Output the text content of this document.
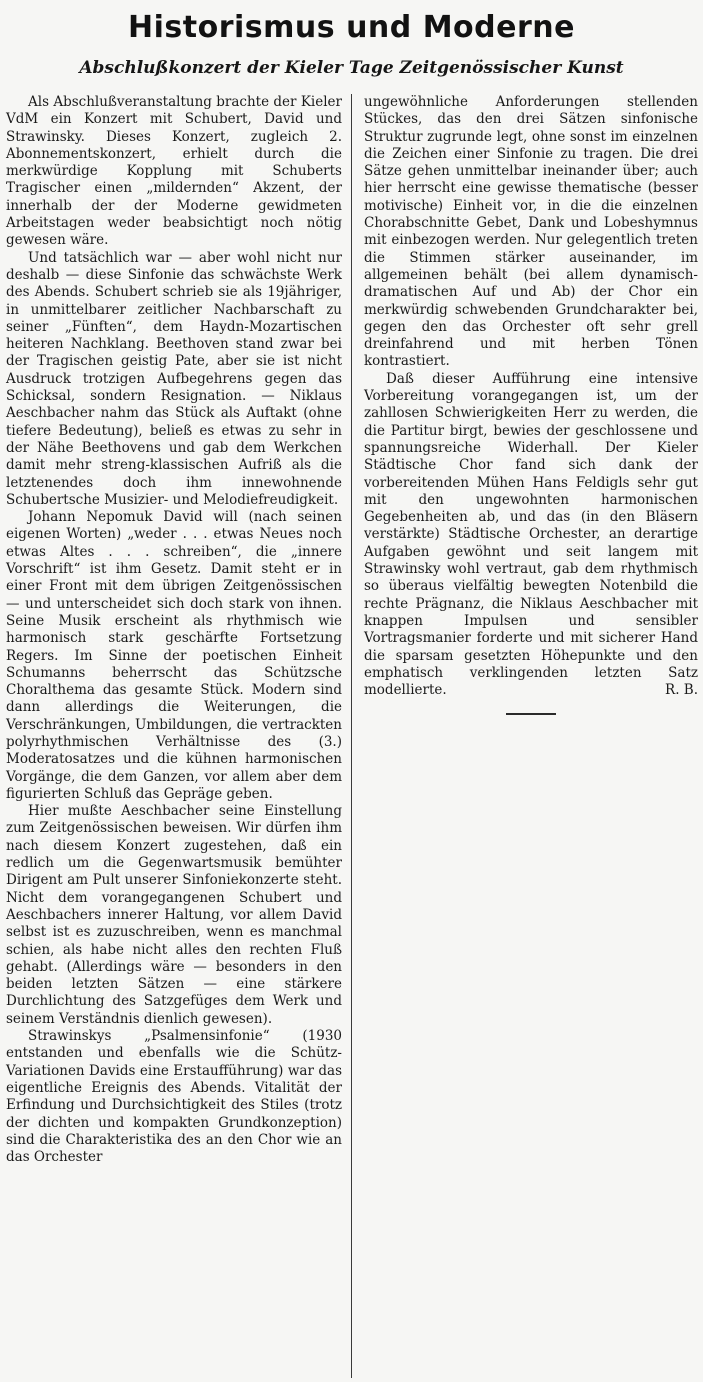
Historismus und Moderne
Abschlußkonzert der Kieler Tage Zeitgenössischer Kunst

Als Abschlußveranstaltung brachte der Kieler VdM ein Konzert mit Schubert, David und Strawinsky. Dieses Konzert, zugleich 2. Abonnementskonzert, erhielt durch die merkwürdige Kopplung mit Schuberts Tragischer einen „mildernden“ Akzent, der innerhalb der der Moderne gewidmeten Arbeitstagen weder beabsichtigt noch nötig gewesen wäre.

Und tatsächlich war — aber wohl nicht nur deshalb — diese Sinfonie das schwächste Werk des Abends. Schubert schrieb sie als 19jähriger, in unmittelbarer zeitlicher Nachbarschaft zu seiner „Fünften“, dem Haydn-Mozartischen heiteren Nachklang. Beethoven stand zwar bei der Tragischen geistig Pate, aber sie ist nicht Ausdruck trotzigen Aufbegehrens gegen das Schicksal, sondern Resignation. — Niklaus Aeschbacher nahm das Stück als Auftakt (ohne tiefere Bedeutung), beließ es etwas zu sehr in der Nähe Beethovens und gab dem Werkchen damit mehr streng-klassischen Aufriß als die letztenendes doch ihm innewohnende Schubertsche Musizier- und Melodiefreudigkeit.

Johann Nepomuk David will (nach seinen eigenen Worten) „weder . . . etwas Neues noch etwas Altes . . . schreiben“, die „innere Vorschrift“ ist ihm Gesetz. Damit steht er in einer Front mit dem übrigen Zeitgenössischen — und unterscheidet sich doch stark von ihnen. Seine Musik erscheint als rhythmisch wie harmonisch stark geschärfte Fortsetzung Regers. Im Sinne der poetischen Einheit Schumanns beherrscht das Schützsche Choralthema das gesamte Stück. Modern sind dann allerdings die Weiterungen, die Verschränkungen, Umbildungen, die vertrackten polyrhythmischen Verhältnisse des (3.) Moderatosatzes und die kühnen harmonischen Vorgänge, die dem Ganzen, vor allem aber dem figurierten Schluß das Gepräge geben.

Hier mußte Aeschbacher seine Einstellung zum Zeitgenössischen beweisen. Wir dürfen ihm nach diesem Konzert zugestehen, daß ein redlich um die Gegenwartsmusik bemühter Dirigent am Pult unserer Sinfoniekonzerte steht. Nicht dem vorangegangenen Schubert und Aeschbachers innerer Haltung, vor allem David selbst ist es zuzuschreiben, wenn es manchmal schien, als habe nicht alles den rechten Fluß gehabt. (Allerdings wäre — besonders in den beiden letzten Sätzen — eine stärkere Durchlichtung des Satzgefüges dem Werk und seinem Verständnis dienlich gewesen).

Strawinskys „Psalmensinfonie“ (1930 entstanden und ebenfalls wie die Schütz-Variationen Davids eine Erstaufführung) war das eigentliche Ereignis des Abends. Vitalität der Erfindung und Durchsichtigkeit des Stiles (trotz der dichten und kompakten Grundkonzeption) sind die Charakteristika des an den Chor wie an das Orchester

ungewöhnliche Anforderungen stellenden Stückes, das den drei Sätzen sinfonische Struktur zugrunde legt, ohne sonst im einzelnen die Zeichen einer Sinfonie zu tragen. Die drei Sätze gehen unmittelbar ineinander über; auch hier herrscht eine gewisse thematische (besser motivische) Einheit vor, in die die einzelnen Chorabschnitte Gebet, Dank und Lobeshymnus mit einbezogen werden. Nur gelegentlich treten die Stimmen stärker auseinander, im allgemeinen behält (bei allem dynamisch-dramatischen Auf und Ab) der Chor ein merkwürdig schwebenden Grundcharakter bei, gegen den das Orchester oft sehr grell dreinfahrend und mit herben Tönen kontrastiert.

Daß dieser Aufführung eine intensive Vorbereitung vorangegangen ist, um der zahllosen Schwierigkeiten Herr zu werden, die die Partitur birgt, bewies der geschlossene und spannungsreiche Widerhall. Der Kieler Städtische Chor fand sich dank der vorbereitenden Mühen Hans Feldigls sehr gut mit den ungewohnten harmonischen Gegebenheiten ab, und das (in den Bläsern verstärkte) Städtische Orchester, an derartige Aufgaben gewöhnt und seit langem mit Strawinsky wohl vertraut, gab dem rhythmisch so überaus vielfältig bewegten Notenbild die rechte Prägnanz, die Niklaus Aeschbacher mit knappen Impulsen und sensibler Vortragsmanier forderte und mit sicherer Hand die sparsam gesetzten Höhepunkte und den emphatisch verklingenden letzten Satz modellierte.	R. B.
